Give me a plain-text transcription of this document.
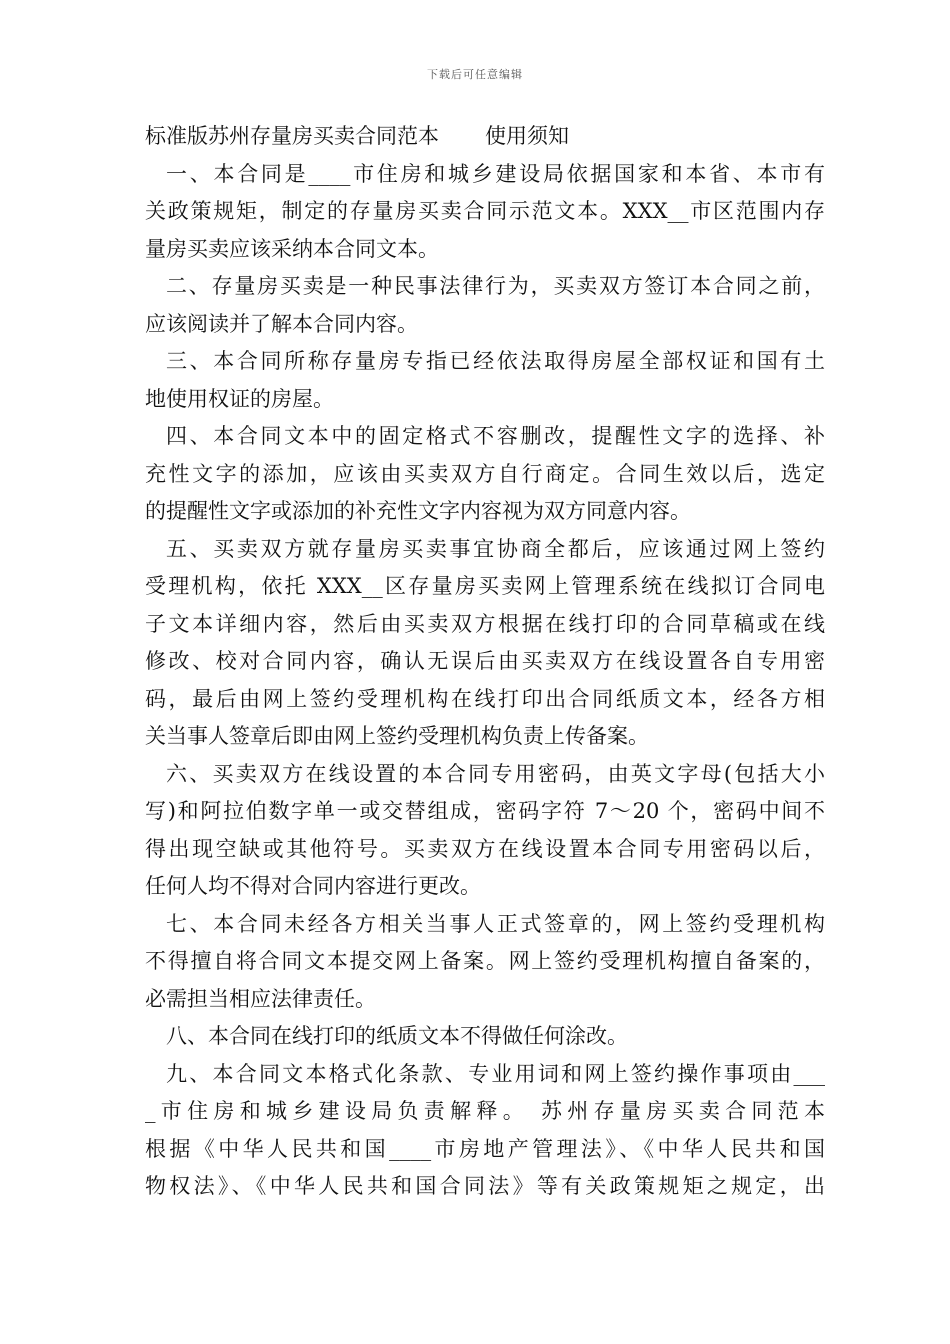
下载后可任意编辑
标准版苏州存量房买卖合同范本 使用须知
一、本合同是____市住房和城乡建设局依据国家和本省、本市有
关政策规矩，制定的存量房买卖合同示范文本。XXX__市区范围内存
量房买卖应该采纳本合同文本。
二、存量房买卖是一种民事法律行为，买卖双方签订本合同之前，
应该阅读并了解本合同内容。
三、本合同所称存量房专指已经依法取得房屋全部权证和国有土
地使用权证的房屋。
四、本合同文本中的固定格式不容删改，提醒性文字的选择、补
充性文字的添加，应该由买卖双方自行商定。合同生效以后，选定
的提醒性文字或添加的补充性文字内容视为双方同意内容。
五、买卖双方就存量房买卖事宜协商全都后，应该通过网上签约
受理机构，依托 XXX__区存量房买卖网上管理系统在线拟订合同电
子文本详细内容，然后由买卖双方根据在线打印的合同草稿或在线
修改、校对合同内容，确认无误后由买卖双方在线设置各自专用密
码，最后由网上签约受理机构在线打印出合同纸质文本，经各方相
关当事人签章后即由网上签约受理机构负责上传备案。
六、买卖双方在线设置的本合同专用密码，由英文字母(包括大小
写)和阿拉伯数字单一或交替组成，密码字符 7～20 个，密码中间不
得出现空缺或其他符号。买卖双方在线设置本合同专用密码以后，
任何人均不得对合同内容进行更改。
七、本合同未经各方相关当事人正式签章的，网上签约受理机构
不得擅自将合同文本提交网上备案。网上签约受理机构擅自备案的，
必需担当相应法律责任。
八、本合同在线打印的纸质文本不得做任何涂改。
九、本合同文本格式化条款、专业用词和网上签约操作事项由___
_市住房和城乡建设局负责解释。 苏州存量房买卖合同范本
根据《中华人民共和国____市房地产管理法》、《中华人民共和国
物权法》、《中华人民共和国合同法》等有关政策规矩之规定，出
